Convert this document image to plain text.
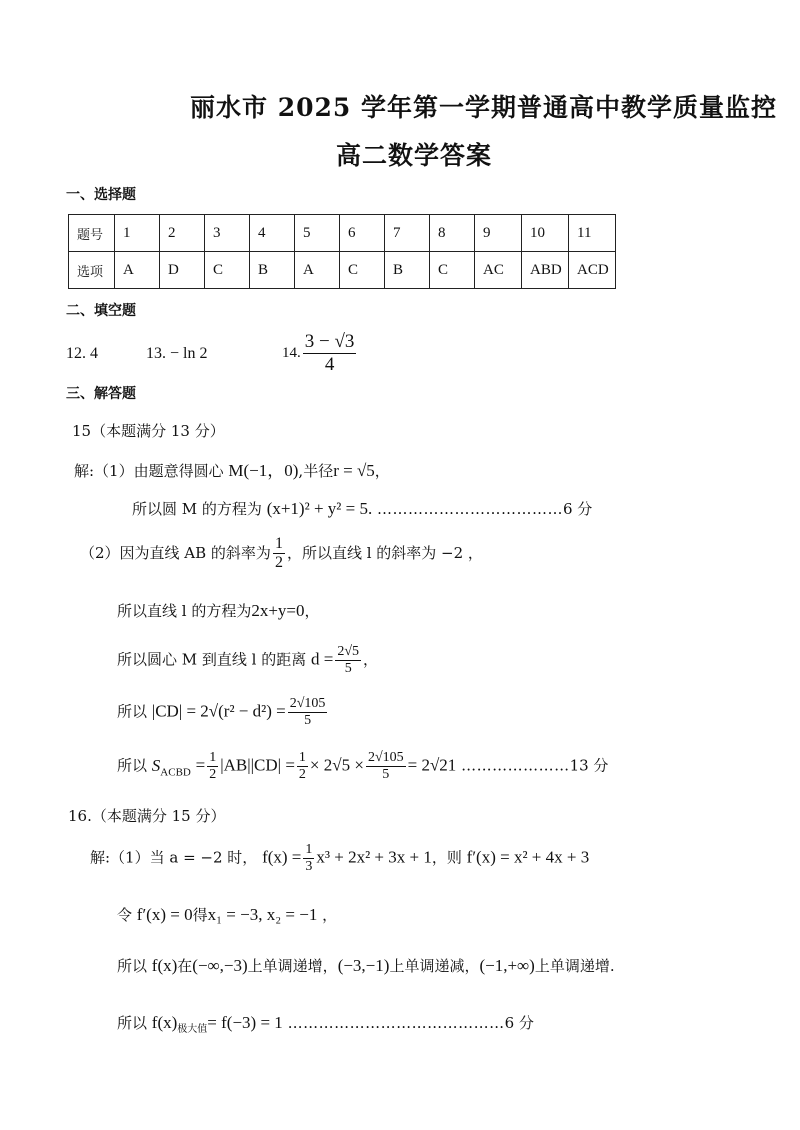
丽水市 2025 学年第一学期普通高中教学质量监控
高二数学答案
一、选择题
题号	1	2	3	4	5	6	7	8	9	10	11
选项	A	D	C	B	A	C	B	C	AC	ABD	ACD
二、填空题
12. 4	13. − ln 2	14. $\frac{3 - √3}{4}$
三、解答题
15（本题满分 13 分）
解:（1）由题意得圆心 M(−1，0),半径r = √5，
所以圆 M 的方程为 (x+1)² + y² = 5. ………………………………6 分
（2）因为直线 AB 的斜率为 $\frac{1}{2}$ ，所以直线 l 的斜率为 −2 ，
所以直线 l 的方程为2x+y=0，
所以圆心 M 到直线 l 的距离 $d = \frac{2√5}{5}$ ，
所以 $|CD| = 2√(r^2 - d^2) = \frac{2√105}{5}$
所以 $S_{ACBD} = \frac{1}{2} |AB||CD| = \frac{1}{2} \times 2√5 \times \frac{2√105}{5} = 2√21$ …………………13 分
16.（本题满分 15 分）
解:（1）当 a = −2 时， $f(x) = \frac{1}{3} x^3 + 2x^2 + 3x + 1$，则 f′(x) = x² + 4x + 3
令 f′(x) = 0得x₁ = −3, x₂ = −1 ，
所以 f(x)在(−∞,−3)上单调递增，(−3,−1)上单调递减，(−1,+∞)上单调递增.
所以 $f(x)_{极大值}= f(-3) = 1$ ……………………………………6 分
